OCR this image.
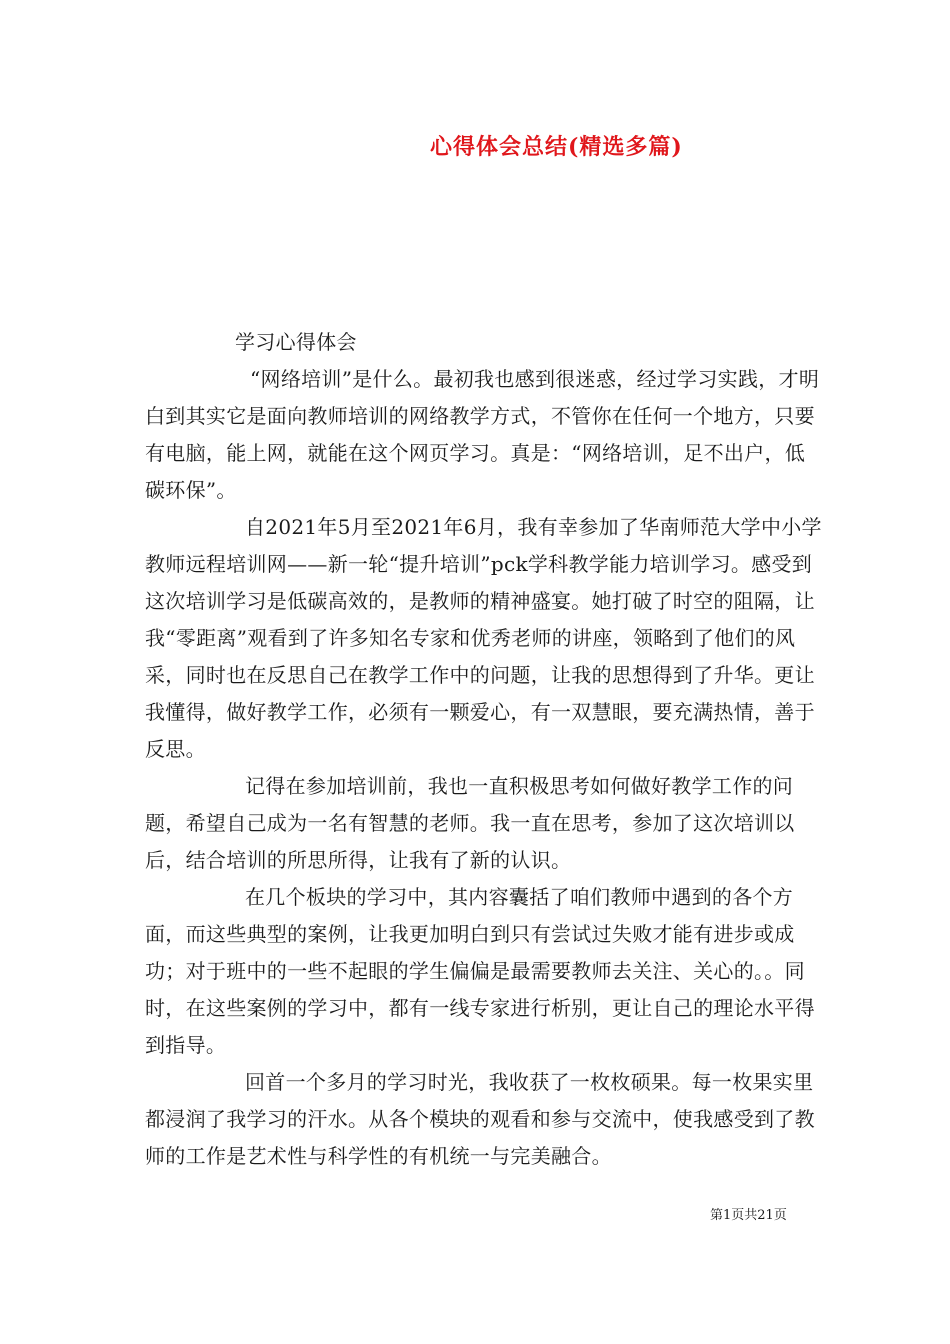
心得体会总结(精选多篇)

学习心得体会

“网络培训”是什么。最初我也感到很迷惑，经过学习实践，才明白到其实它是面向教师培训的网络教学方式，不管你在任何一个地方，只要有电脑，能上网，就能在这个网页学习。真是：“网络培训，足不出户，低碳环保”。

自2021年5月至2021年6月，我有幸参加了华南师范大学中小学教师远程培训网——新一轮“提升培训”pck学科教学能力培训学习。感受到这次培训学习是低碳高效的，是教师的精神盛宴。她打破了时空的阻隔，让我“零距离”观看到了许多知名专家和优秀老师的讲座，领略到了他们的风采，同时也在反思自己在教学工作中的问题，让我的思想得到了升华。更让我懂得，做好教学工作，必须有一颗爱心，有一双慧眼，要充满热情，善于反思。

记得在参加培训前，我也一直积极思考如何做好教学工作的问题，希望自己成为一名有智慧的老师。我一直在思考，参加了这次培训以后，结合培训的所思所得，让我有了新的认识。

在几个板块的学习中，其内容囊括了咱们教师中遇到的各个方面，而这些典型的案例，让我更加明白到只有尝试过失败才能有进步或成功；对于班中的一些不起眼的学生偏偏是最需要教师去关注、关心的。。同时，在这些案例的学习中，都有一线专家进行析别，更让自己的理论水平得到指导。

回首一个多月的学习时光，我收获了一枚枚硕果。每一枚果实里都浸润了我学习的汗水。从各个模块的观看和参与交流中，使我感受到了教师的工作是艺术性与科学性的有机统一与完美融合。

第1页共21页
